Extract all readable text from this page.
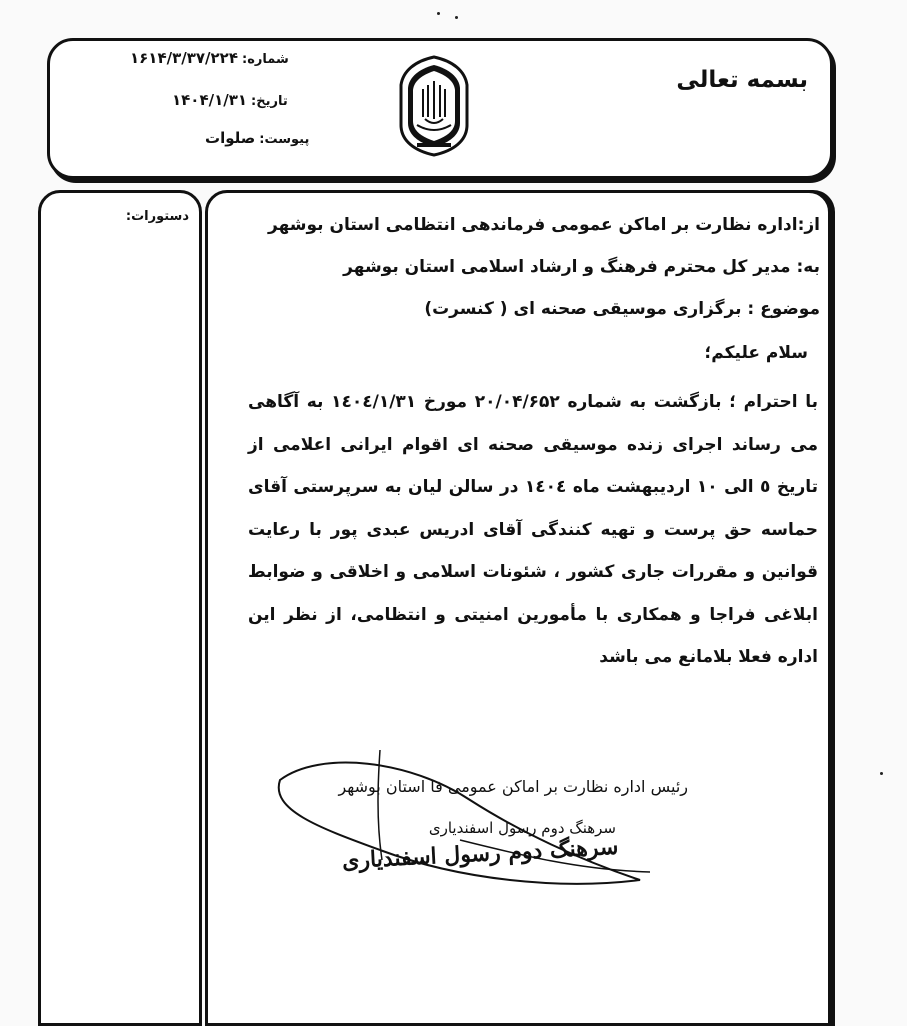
بسمه تعالی
شماره:۱۶۱۴/۳/۳۷/۲۲۴
تاریخ:۱۴۰۴/۱/۳۱
پیوست:صلوات
دستورات:	از:اداره نظارت بر اماکن عمومی فرماندهی انتظامی استان بوشهر
به: مدیر کل محترم فرهنگ و ارشاد اسلامی استان بوشهر
موضوع : برگزاری موسیقی صحنه ای ( کنسرت)
سلام علیکم؛
با احترام ؛ بازگشت به شماره ۲۰/۰۴/۶۵۲ مورخ ۱٤۰٤/۱/۳۱ به آگاهی می رساند اجرای زنده موسیقی صحنه ای اقوام ایرانی اعلامی از تاریخ ٥ الی ۱۰ اردیبهشت ماه ۱٤۰٤ در سالن لیان به سرپرستی آقای حماسه حق پرست و تهیه کنندگی آقای ادریس عبدی پور با رعایت قوانین و مقررات جاری کشور ، شئونات اسلامی و اخلاقی و ضوابط ابلاغی فراجا و همکاری با مأمورین امنیتی و انتظامی، از نظر این اداره فعلا بلامانع می باشد
رئیس اداره نظارت بر اماکن عمومی فا استان بوشهر
سرهنگ دوم رسول اسفندیاری
سرهنگ دوم رسول اسفندیاری
